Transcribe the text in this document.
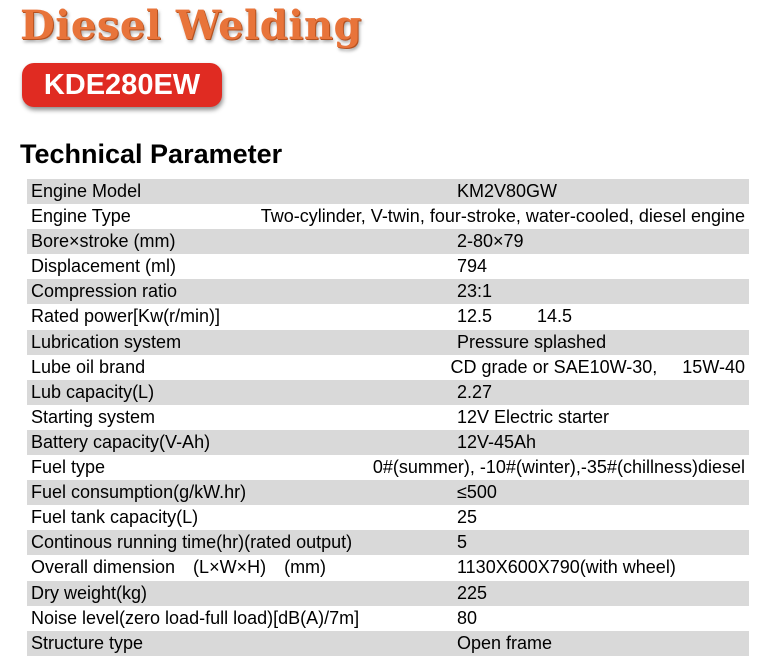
Diesel Welding
KDE280EW
Technical Parameter
Engine Model	KM2V80GW
Engine Type	Two-cylinder, V-twin, four-stroke, water-cooled, diesel engine
Bore×stroke (mm)	2-80×79
Displacement (ml)	794
Compression ratio	23:1
Rated power[Kw(r/min)]	12.5 14.5
Lubrication system	Pressure splashed
Lube oil brand	CD grade or SAE10W-30,     15W-40
Lub capacity(L)	2.27
Starting system	12V Electric starter
Battery capacity(V-Ah)	12V-45Ah
Fuel type	0#(summer), -10#(winter),-35#(chillness)diesel
Fuel consumption(g/kW.hr)	≤500
Fuel tank capacity(L)	25
Continous running time(hr)(rated output)	5
Overall dimension　(L×W×H)　(mm)	1130X600X790(with wheel)
Dry weight(kg)	225
Noise level(zero load-full load)[dB(A)/7m]	80
Structure type	Open frame
